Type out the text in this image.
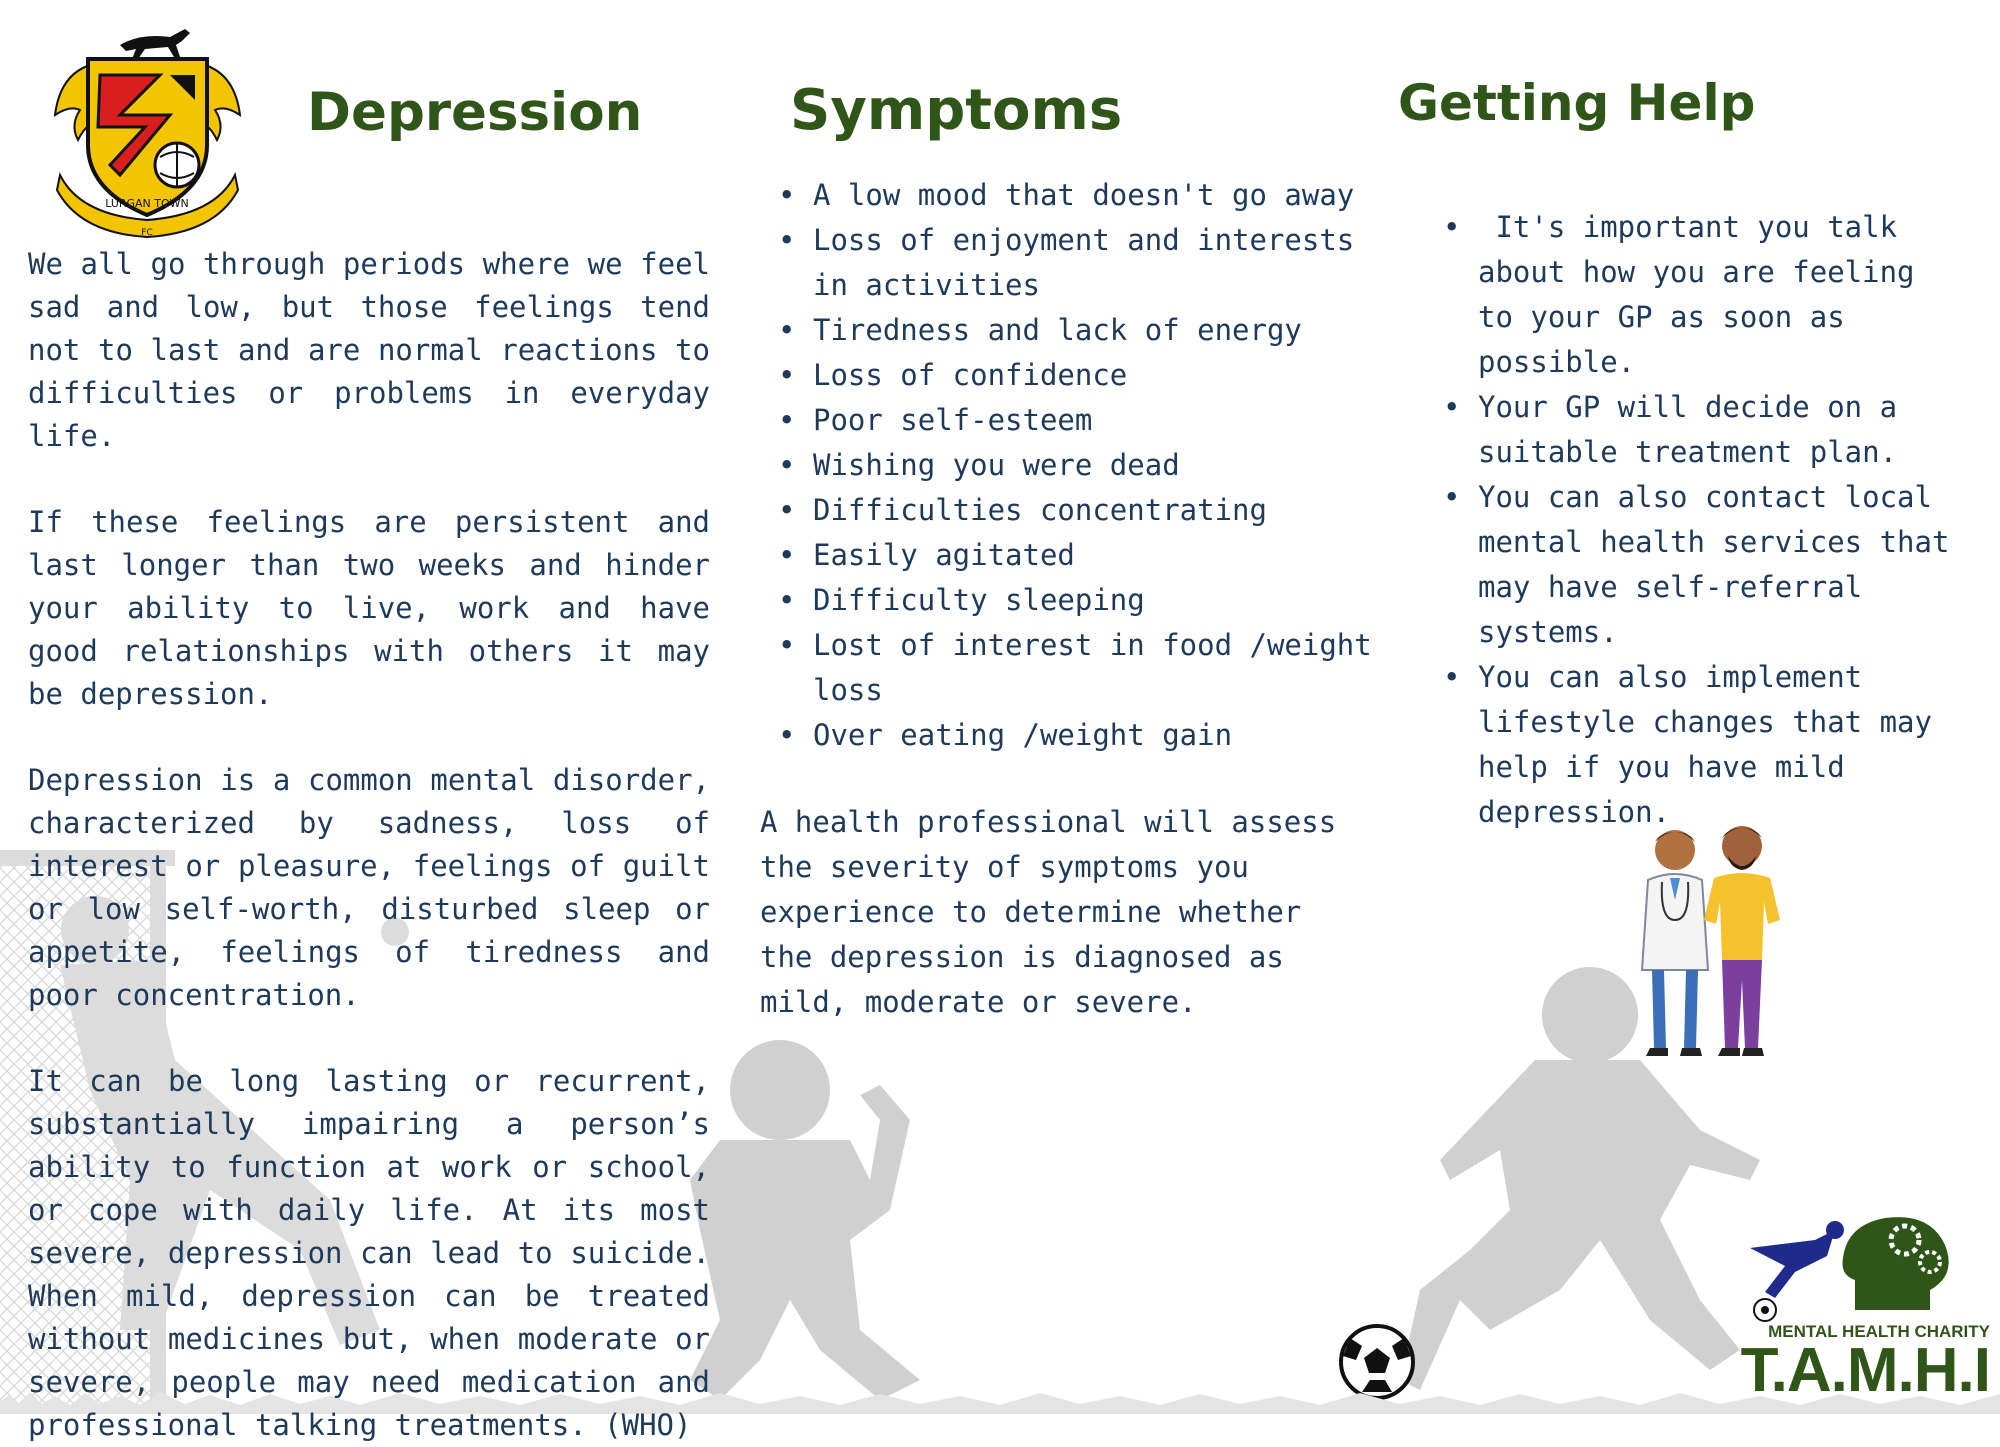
LURGAN TOWN
FC
Depression

We all go through periods where we feel sad and low, but those feelings tend not to last and are normal reactions to difficulties or problems in everyday life.

If these feelings are persistent and last longer than two weeks and hinder your ability to live, work and have good relationships with others it may be depression.

Depression is a common mental disorder, characterized by sadness, loss of interest or pleasure, feelings of guilt or low self-worth, disturbed sleep or appetite, feelings of tiredness and poor concentration.

It can be long lasting or recurrent, substantially impairing a person’s ability to function at work or school, or cope with daily life. At its most severe, depression can lead to suicide. When mild, depression can be treated without medicines but, when moderate or severe, people may need medication and professional talking treatments. (WHO)

Symptoms
• A low mood that doesn't go away
• Loss of enjoyment and interests in activities
• Tiredness and lack of energy
• Loss of confidence
• Poor self-esteem
• Wishing you were dead
• Difficulties concentrating
• Easily agitated
• Difficulty sleeping
• Lost of interest in food /weight loss
• Over eating /weight gain
A health professional will assess the severity of symptoms you experience to determine whether the depression is diagnosed as mild, moderate or severe.
Getting Help
•  It's important you talk about how you are feeling  to your GP as soon as possible.
• Your GP will decide on a suitable treatment plan.
• You can also contact local mental health services that may have self-referral systems.
• You can also implement lifestyle changes that may help if you have mild depression.
MENTAL HEALTH CHARITY
T.A.M.H.I
